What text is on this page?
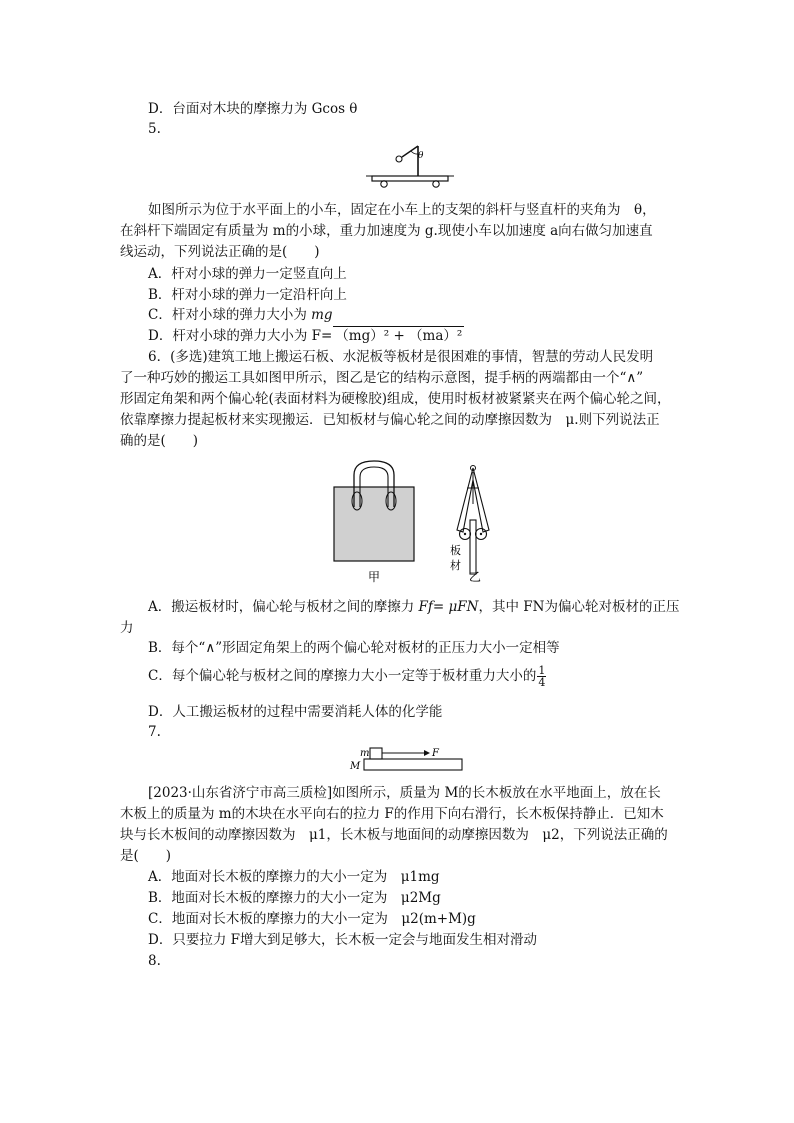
D．台面对木块的摩擦力为 Gcos θ
5.
θ
如图所示为位于水平面上的小车，固定在小车上的支架的斜杆与竖直杆的夹角为　θ，
在斜杆下端固定有质量为 m的小球，重力加速度为 g.现使小车以加速度 a向右做匀加速直
线运动，下列说法正确的是(　　)
A．杆对小球的弹力一定竖直向上
B．杆对小球的弹力一定沿杆向上
C．杆对小球的弹力大小为 mg
D．杆对小球的弹力大小为 F= （mg）² + （ma）²
6．(多选)建筑工地上搬运石板、水泥板等板材是很困难的事情，智慧的劳动人民发明
了一种巧妙的搬运工具如图甲所示，图乙是它的结构示意图，提手柄的两端都由一个“∧”
形固定角架和两个偏心轮(表面材料为硬橡胶)组成，使用时板材被紧紧夹在两个偏心轮之间，
依靠摩擦力提起板材来实现搬运．已知板材与偏心轮之间的动摩擦因数为　μ.则下列说法正
确的是(　　)
甲
板
材
乙
A．搬运板材时，偏心轮与板材之间的摩擦力 Ff= μFN，其中 FN为偏心轮对板材的正压
力
B．每个“∧”形固定角架上的两个偏心轮对板材的正压力大小一定相等
C．每个偏心轮与板材之间的摩擦力大小一定等于板材重力大小的 $\frac{1}{4}$
D．人工搬运板材的过程中需要消耗人体的化学能
7.
m
M
F
[2023·山东省济宁市高三质检]如图所示，质量为 M的长木板放在水平地面上，放在长
木板上的质量为 m的木块在水平向右的拉力 F的作用下向右滑行，长木板保持静止．已知木
块与长木板间的动摩擦因数为　μ1，长木板与地面间的动摩擦因数为　μ2，下列说法正确的
是(　　)
A．地面对长木板的摩擦力的大小一定为　μ1mg
B．地面对长木板的摩擦力的大小一定为　μ2Mg
C．地面对长木板的摩擦力的大小一定为　μ2(m+M)g
D．只要拉力 F增大到足够大，长木板一定会与地面发生相对滑动
8.
